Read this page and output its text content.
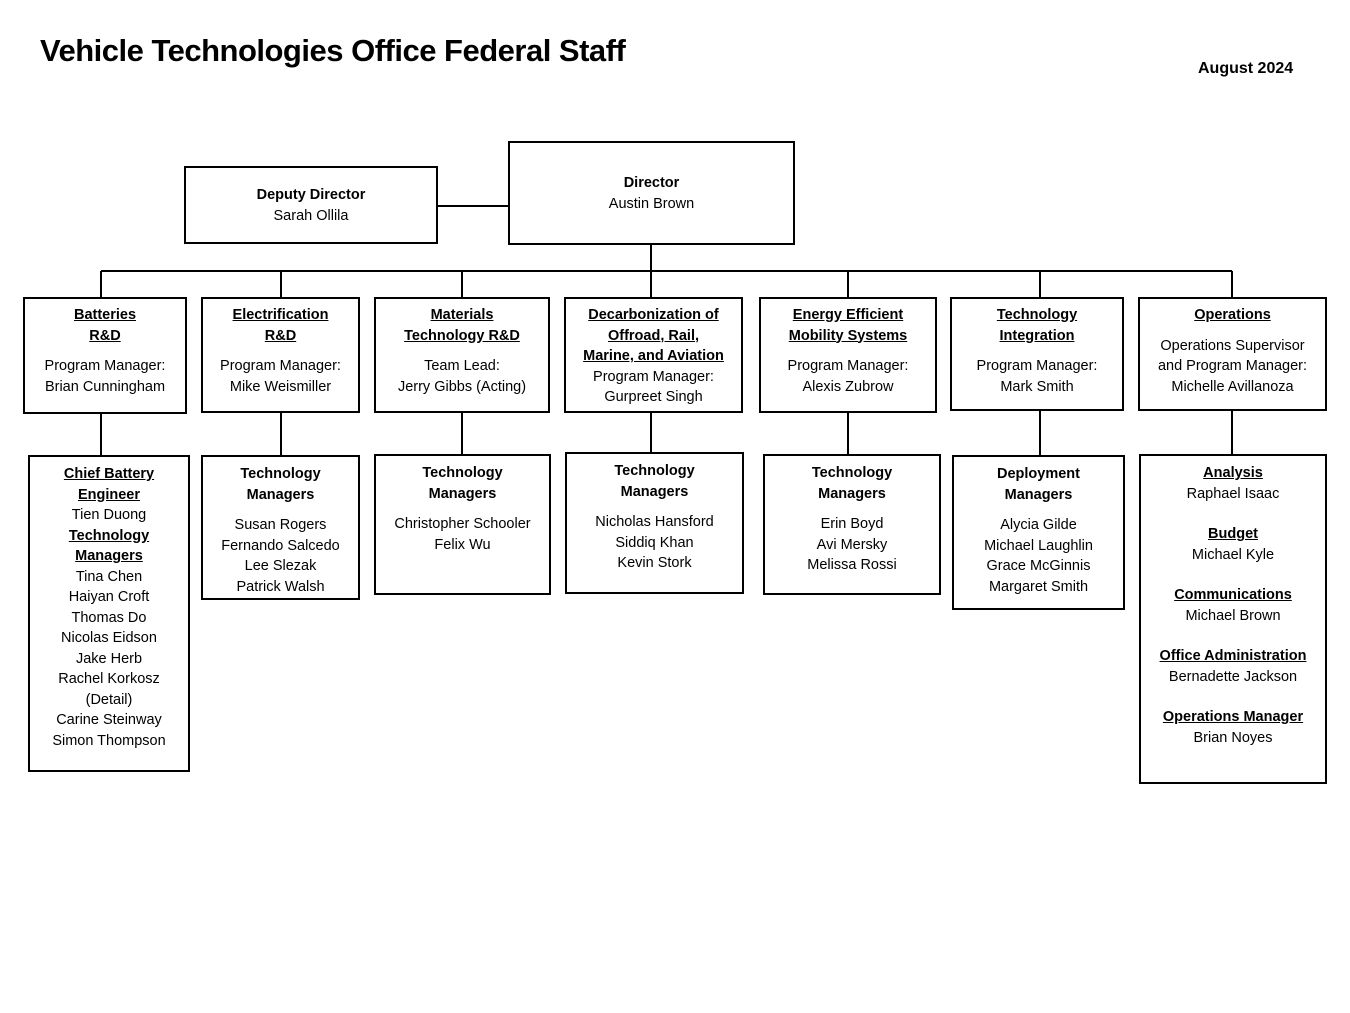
Vehicle Technologies Office Federal Staff
August 2024
Director
Austin Brown
Deputy Director
Sarah Ollila
Batteries
R&D
Program Manager:
Brian Cunningham
Chief Battery
Engineer
Tien Duong
Technology
Managers
Tina Chen
Haiyan Croft
Thomas Do
Nicolas Eidson
Jake Herb
Rachel Korkosz
(Detail)
Carine Steinway
Simon Thompson
Electrification
R&D
Program Manager:
Mike Weismiller
Technology
Managers
Susan Rogers
Fernando Salcedo
Lee Slezak
Patrick Walsh
Materials
Technology R&D
Team Lead:
Jerry Gibbs (Acting)
Technology
Managers
Christopher Schooler
Felix Wu
Decarbonization of
Offroad, Rail,
Marine, and Aviation
Program Manager:
Gurpreet Singh
Technology
Managers
Nicholas Hansford
Siddiq Khan
Kevin Stork
Energy Efficient
Mobility Systems
Program Manager:
Alexis Zubrow
Technology
Managers
Erin Boyd
Avi Mersky
Melissa Rossi
Technology
Integration
Program Manager:
Mark Smith
Deployment
Managers
Alycia Gilde
Michael Laughlin
Grace McGinnis
Margaret Smith
Operations
Operations Supervisor
and Program Manager:
Michelle Avillanoza
Analysis
Raphael Isaac
Budget
Michael Kyle
Communications
Michael Brown
Office Administration
Bernadette Jackson
Operations Manager
Brian Noyes
